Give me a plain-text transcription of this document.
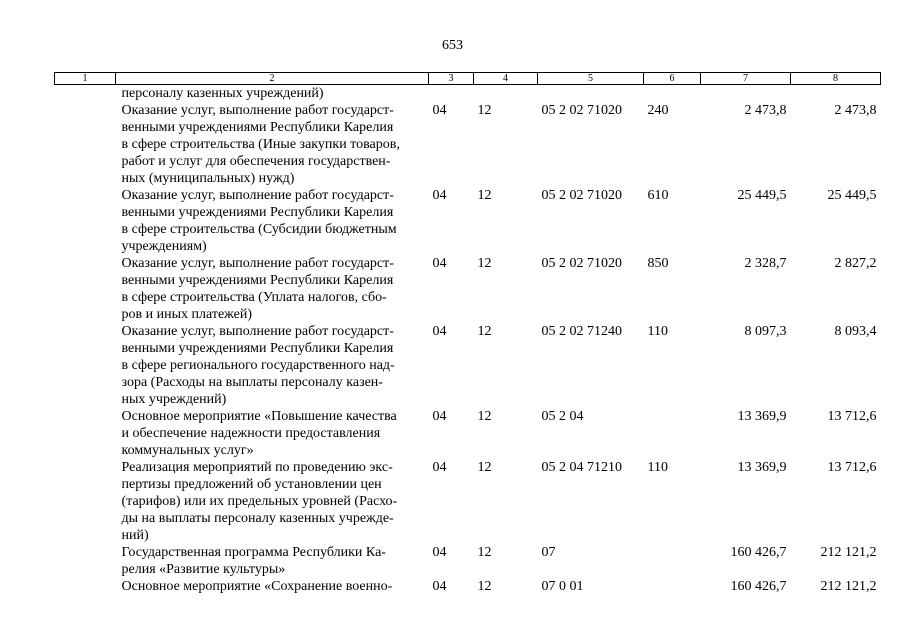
653
1	2	3	4	5	6	7	8
	персоналу казенных учреждений)						

	Оказание услуг, выполнение работ государст-
венными учреждениями Республики Карелия
в сфере строительства (Иные закупки товаров,
работ и услуг для обеспечения государствен-
ных (муниципальных) нужд)	04	12	05 2 02 71020	240	2 473,8	2 473,8

	Оказание услуг, выполнение работ государст-
венными учреждениями Республики Карелия
в сфере строительства (Субсидии бюджетным
учреждениям)	04	12	05 2 02 71020	610	25 449,5	25 449,5

	Оказание услуг, выполнение работ государст-
венными учреждениями Республики Карелия
в сфере строительства (Уплата налогов, сбо-
ров и иных платежей)	04	12	05 2 02 71020	850	2 328,7	2 827,2

	Оказание услуг, выполнение работ государст-
венными учреждениями Республики Карелия
в сфере регионального государственного над-
зора (Расходы на выплаты персоналу казен-
ных учреждений)	04	12	05 2 02 71240	110	8 097,3	8 093,4

	Основное мероприятие «Повышение качества
и обеспечение надежности предоставления
коммунальных услуг»	04	12	05 2 04		13 369,9	13 712,6

	Реализация мероприятий по проведению экс-
пертизы предложений об установлении цен
(тарифов) или их предельных уровней (Расхо-
ды на выплаты персоналу казенных учрежде-
ний)	04	12	05 2 04 71210	110	13 369,9	13 712,6

	Государственная программа Республики Ка-
релия «Развитие культуры»	04	12	07		160 426,7	212 121,2

	Основное мероприятие «Сохранение военно-	04	12	07 0 01		160 426,7	212 121,2
